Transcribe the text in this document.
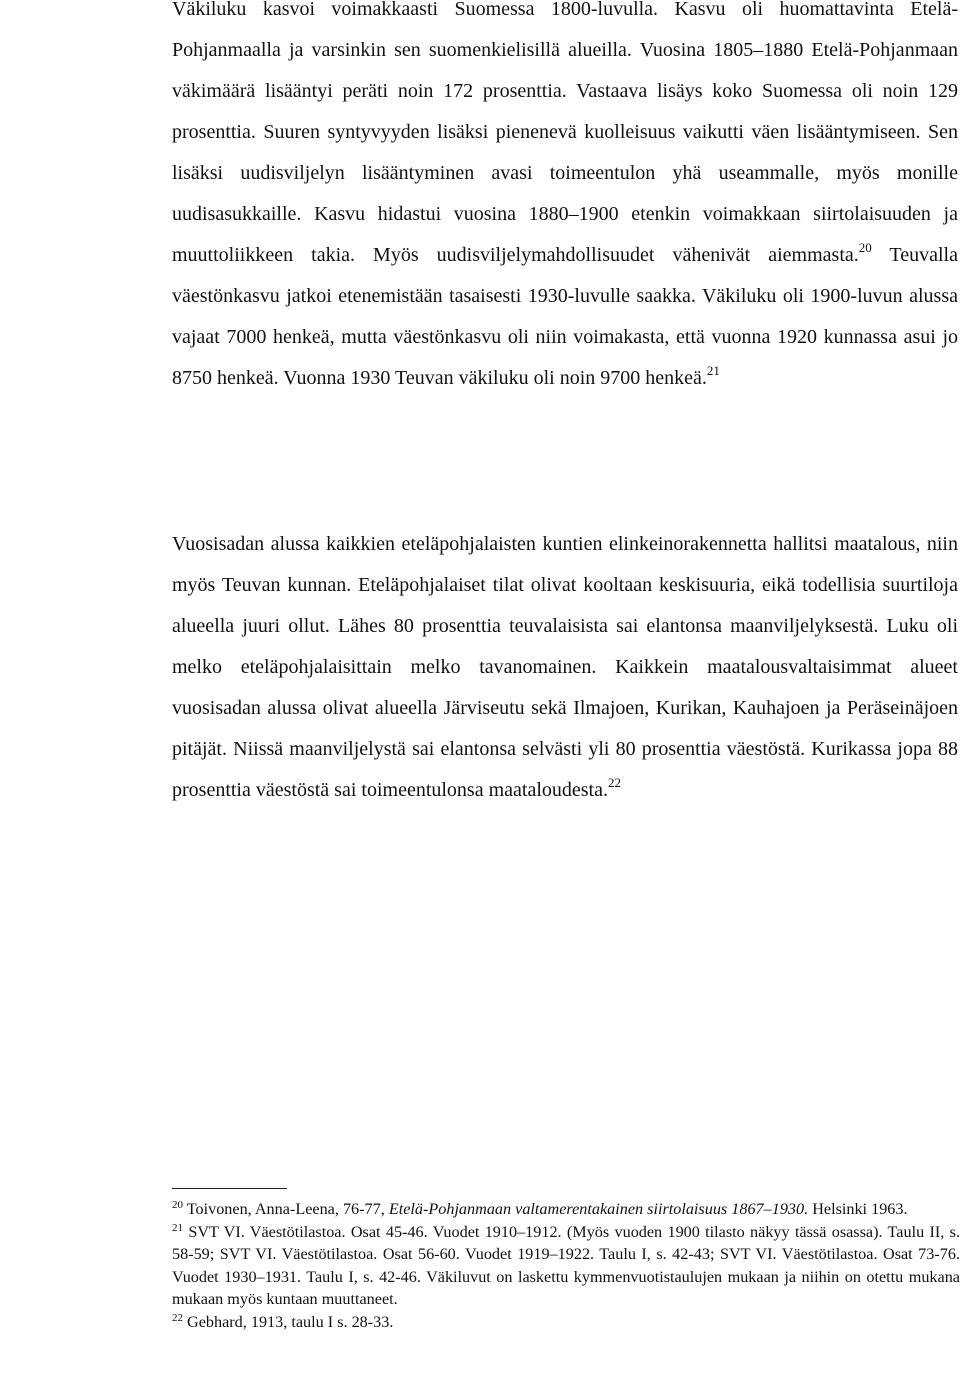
Väkiluku kasvoi voimakkaasti Suomessa 1800-luvulla. Kasvu oli huomattavinta Etelä-Pohjanmaalla ja varsinkin sen suomenkielisillä alueilla. Vuosina 1805–1880 Etelä-Pohjanmaan väkimäärä lisääntyi peräti noin 172 prosenttia. Vastaava lisäys koko Suomessa oli noin 129 prosenttia. Suuren syntyvyyden lisäksi pienenevä kuolleisuus vaikutti väen lisääntymiseen. Sen lisäksi uudisviljelyn lisääntyminen avasi toimeentulon yhä useammalle, myös monille uudisasukkaille. Kasvu hidastui vuosina 1880–1900 etenkin voimakkaan siirtolaisuuden ja muuttoliikkeen takia. Myös uudisviljelymahdollisuudet vähenivät aiemmasta.$^{20}$ Teuvalla väestönkasvu jatkoi etenemistään tasaisesti 1930-luvulle saakka. Väkiluku oli 1900-luvun alussa vajaat 7000 henkeä, mutta väestönkasvu oli niin voimakasta, että vuonna 1920 kunnassa asui jo 8750 henkeä. Vuonna 1930 Teuvan väkiluku oli noin 9700 henkeä.$^{21}$

Vuosisadan alussa kaikkien eteläpohjalaisten kuntien elinkeinorakennetta hallitsi maatalous, niin myös Teuvan kunnan. Eteläpohjalaiset tilat olivat kooltaan keskisuuria, eikä todellisia suurtiloja alueella juuri ollut. Lähes 80 prosenttia teuvalaisista sai elantonsa maanviljelyksestä. Luku oli melko eteläpohjalaisittain melko tavanomainen. Kaikkein maatalousvaltaisimmat alueet vuosisadan alussa olivat alueella Järviseutu sekä Ilmajoen, Kurikan, Kauhajoen ja Peräseinäjoen pitäjät. Niissä maanviljelystä sai elantonsa selvästi yli 80 prosenttia väestöstä. Kurikassa jopa 88 prosenttia väestöstä sai toimeentulonsa maataloudesta.$^{22}$

$^{20}$ Toivonen, Anna-Leena, 76-77, Etelä-Pohjanmaan valtamerentakainen siirtolaisuus 1867–1930. Helsinki 1963.

$^{21}$ SVT VI. Väestötilastoa. Osat 45-46. Vuodet 1910–1912. (Myös vuoden 1900 tilasto näkyy tässä osassa). Taulu II, s. 58-59; SVT VI. Väestötilastoa. Osat 56-60. Vuodet 1919–1922. Taulu I, s. 42-43; SVT VI. Väestötilastoa. Osat 73-76. Vuodet 1930–1931. Taulu I, s. 42-46. Väkiluvut on laskettu kymmenvuotistaulujen mukaan ja niihin on otettu mukana mukaan myös kuntaan muuttaneet.

$^{22}$ Gebhard, 1913, taulu I s. 28-33.
